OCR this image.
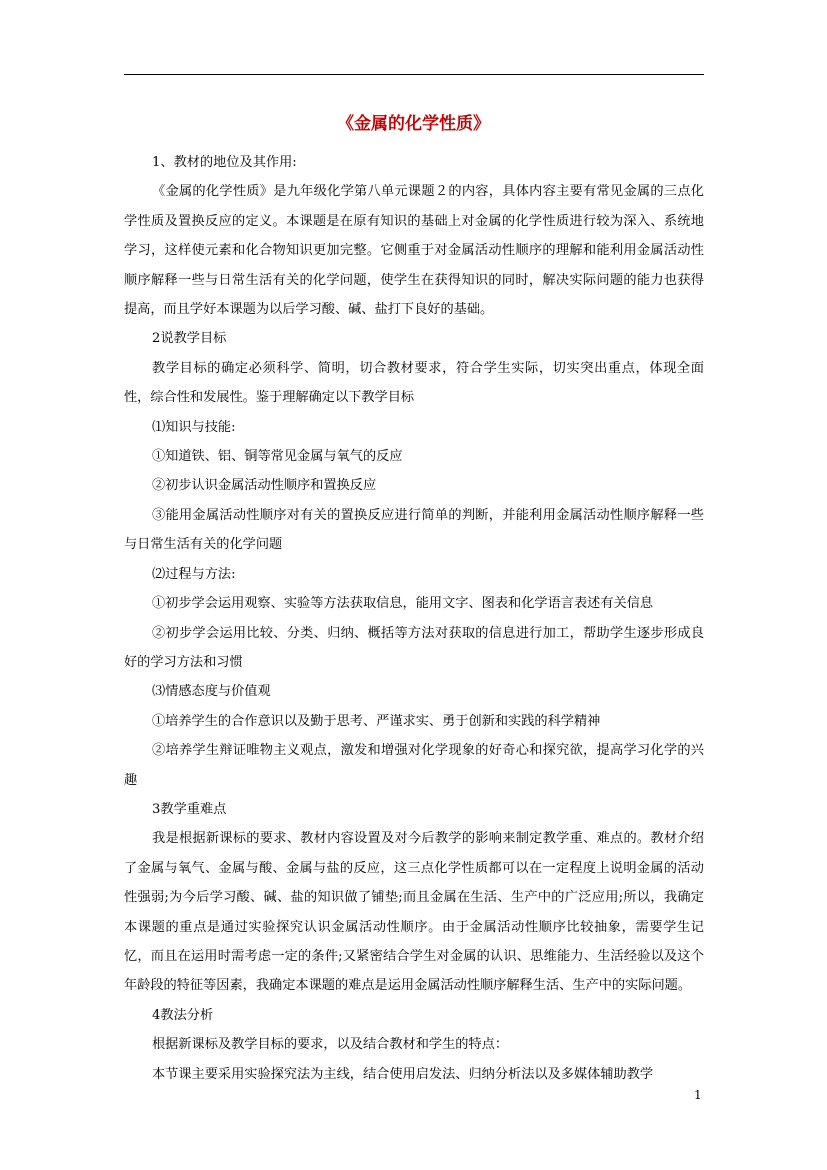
《金属的化学性质》

1、教材的地位及其作用:

《金属的化学性质》是九年级化学第八单元课题２的内容，具体内容主要有常见金属的三点化学性质及置换反应的定义。本课题是在原有知识的基础上对金属的化学性质进行较为深入、系统地学习，这样使元素和化合物知识更加完整。它侧重于对金属活动性顺序的理解和能利用金属活动性顺序解释一些与日常生活有关的化学问题，使学生在获得知识的同时，解决实际问题的能力也获得提高，而且学好本课题为以后学习酸、碱、盐打下良好的基础。

2说教学目标

教学目标的确定必须科学、简明，切合教材要求，符合学生实际，切实突出重点，体现全面性，综合性和发展性。鉴于理解确定以下教学目标

⑴知识与技能:

①知道铁、铝、铜等常见金属与氧气的反应

②初步认识金属活动性顺序和置换反应

③能用金属活动性顺序对有关的置换反应进行简单的判断，并能利用金属活动性顺序解释一些与日常生活有关的化学问题

⑵过程与方法:

①初步学会运用观察、实验等方法获取信息，能用文字、图表和化学语言表述有关信息

②初步学会运用比较、分类、归纳、概括等方法对获取的信息进行加工，帮助学生逐步形成良好的学习方法和习惯

⑶情感态度与价值观

①培养学生的合作意识以及勤于思考、严谨求实、勇于创新和实践的科学精神

②培养学生辩证唯物主义观点，激发和增强对化学现象的好奇心和探究欲，提高学习化学的兴趣

3教学重难点

我是根据新课标的要求、教材内容设置及对今后教学的影响来制定教学重、难点的。教材介绍了金属与氧气、金属与酸、金属与盐的反应，这三点化学性质都可以在一定程度上说明金属的活动性强弱;为今后学习酸、碱、盐的知识做了铺垫;而且金属在生活、生产中的广泛应用;所以，我确定本课题的重点是通过实验探究认识金属活动性顺序。由于金属活动性顺序比较抽象，需要学生记忆，而且在运用时需考虑一定的条件;又紧密结合学生对金属的认识、思维能力、生活经验以及这个年龄段的特征等因素，我确定本课题的难点是运用金属活动性顺序解释生活、生产中的实际问题。

4教法分析

根据新课标及教学目标的要求，以及结合教材和学生的特点：

本节课主要采用实验探究法为主线，结合使用启发法、归纳分析法以及多媒体辅助教学

1
